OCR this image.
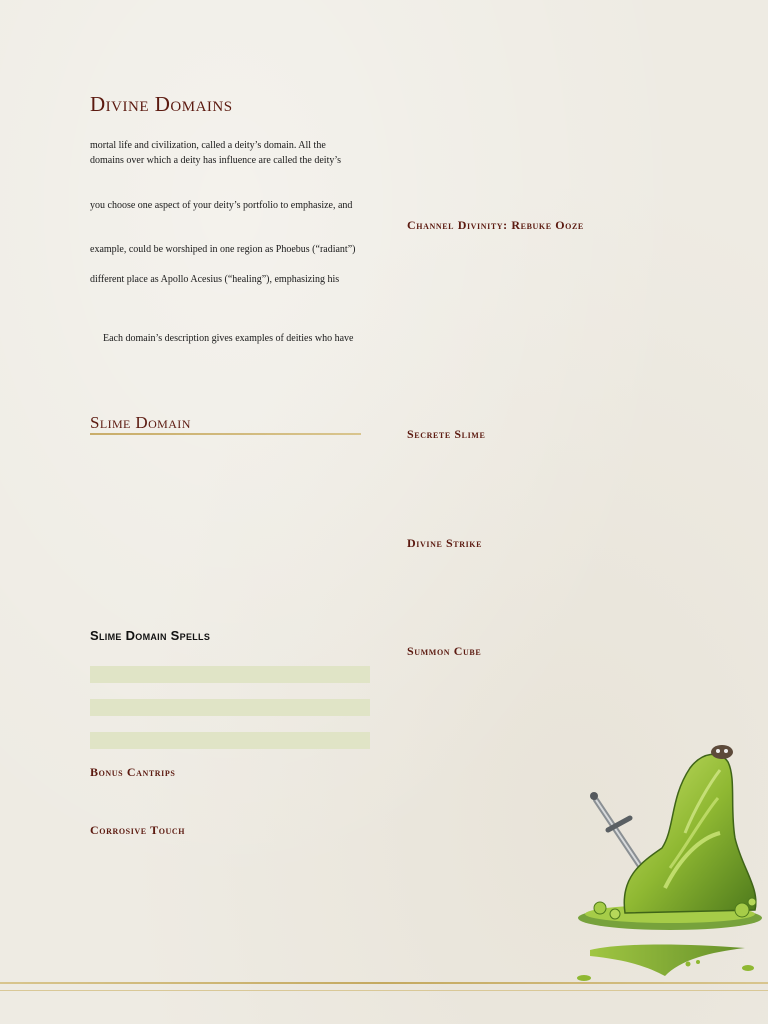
Divine Domains

mortal life and civilization, called a deity’s domain. All the

domains over which a deity has influence are called the deity’s

you choose one aspect of your deity’s portfolio to emphasize, and

example, could be worshiped in one region as Phoebus (“radiant”)

different place as Apollo Acesius (“healing”), emphasizing his

Each domain’s description gives examples of deities who have

Slime Domain
Slime Domain Spells
Bonus Cantrips
Corrosive Touch
Channel Divinity: Rebuke Ooze
Secrete Slime
Divine Strike
Summon Cube
